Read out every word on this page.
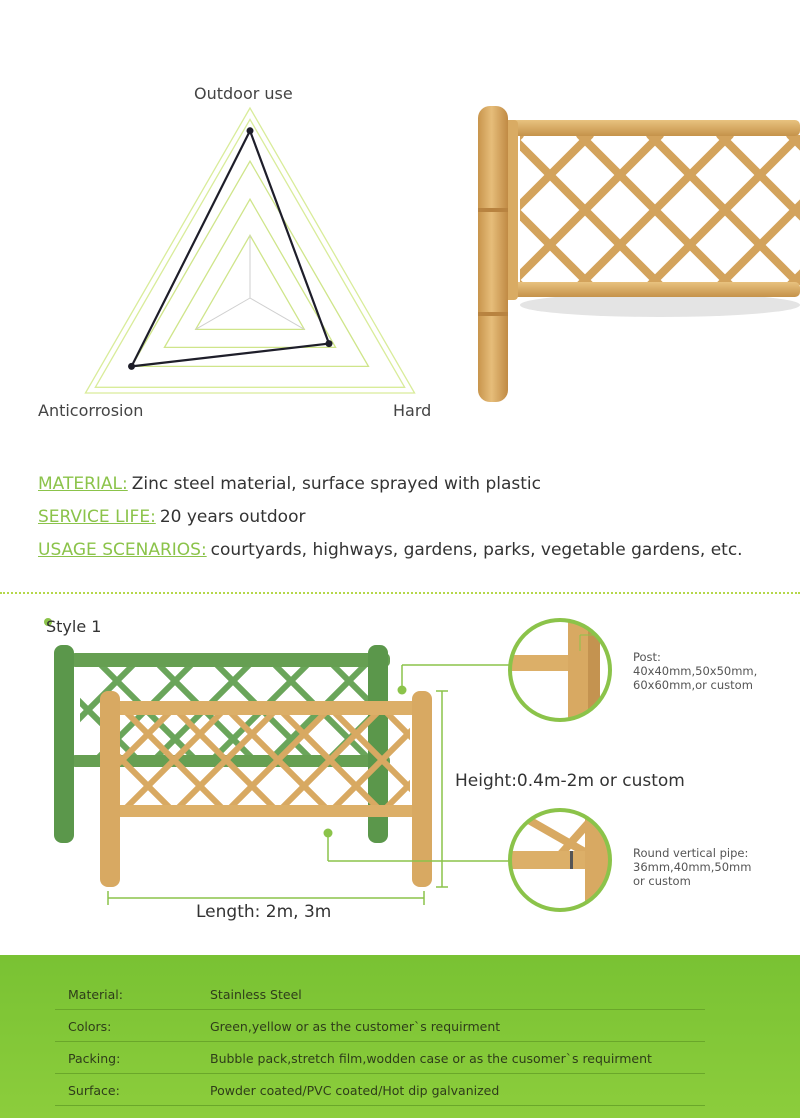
Outdoor use
Anticorrosion	Hard
MATERIAL: Zinc steel material, surface sprayed with plastic
SERVICE LIFE: 20 years outdoor
USAGE SCENARIOS: courtyards, highways, gardens, parks, vegetable gardens, etc.
Style 1
Post:
40x40mm,50x50mm,
60x60mm,or custom
Round vertical pipe:
36mm,40mm,50mm
or custom
Height:0.4m-2m or custom
Length: 2m, 3m
Material:	Stainless Steel
Colors:	Green,yellow or as the customer`s requirment
Packing:	Bubble pack,stretch film,wodden case or as the cusomer`s requirment
Surface:	Powder coated/PVC coated/Hot dip galvanized
